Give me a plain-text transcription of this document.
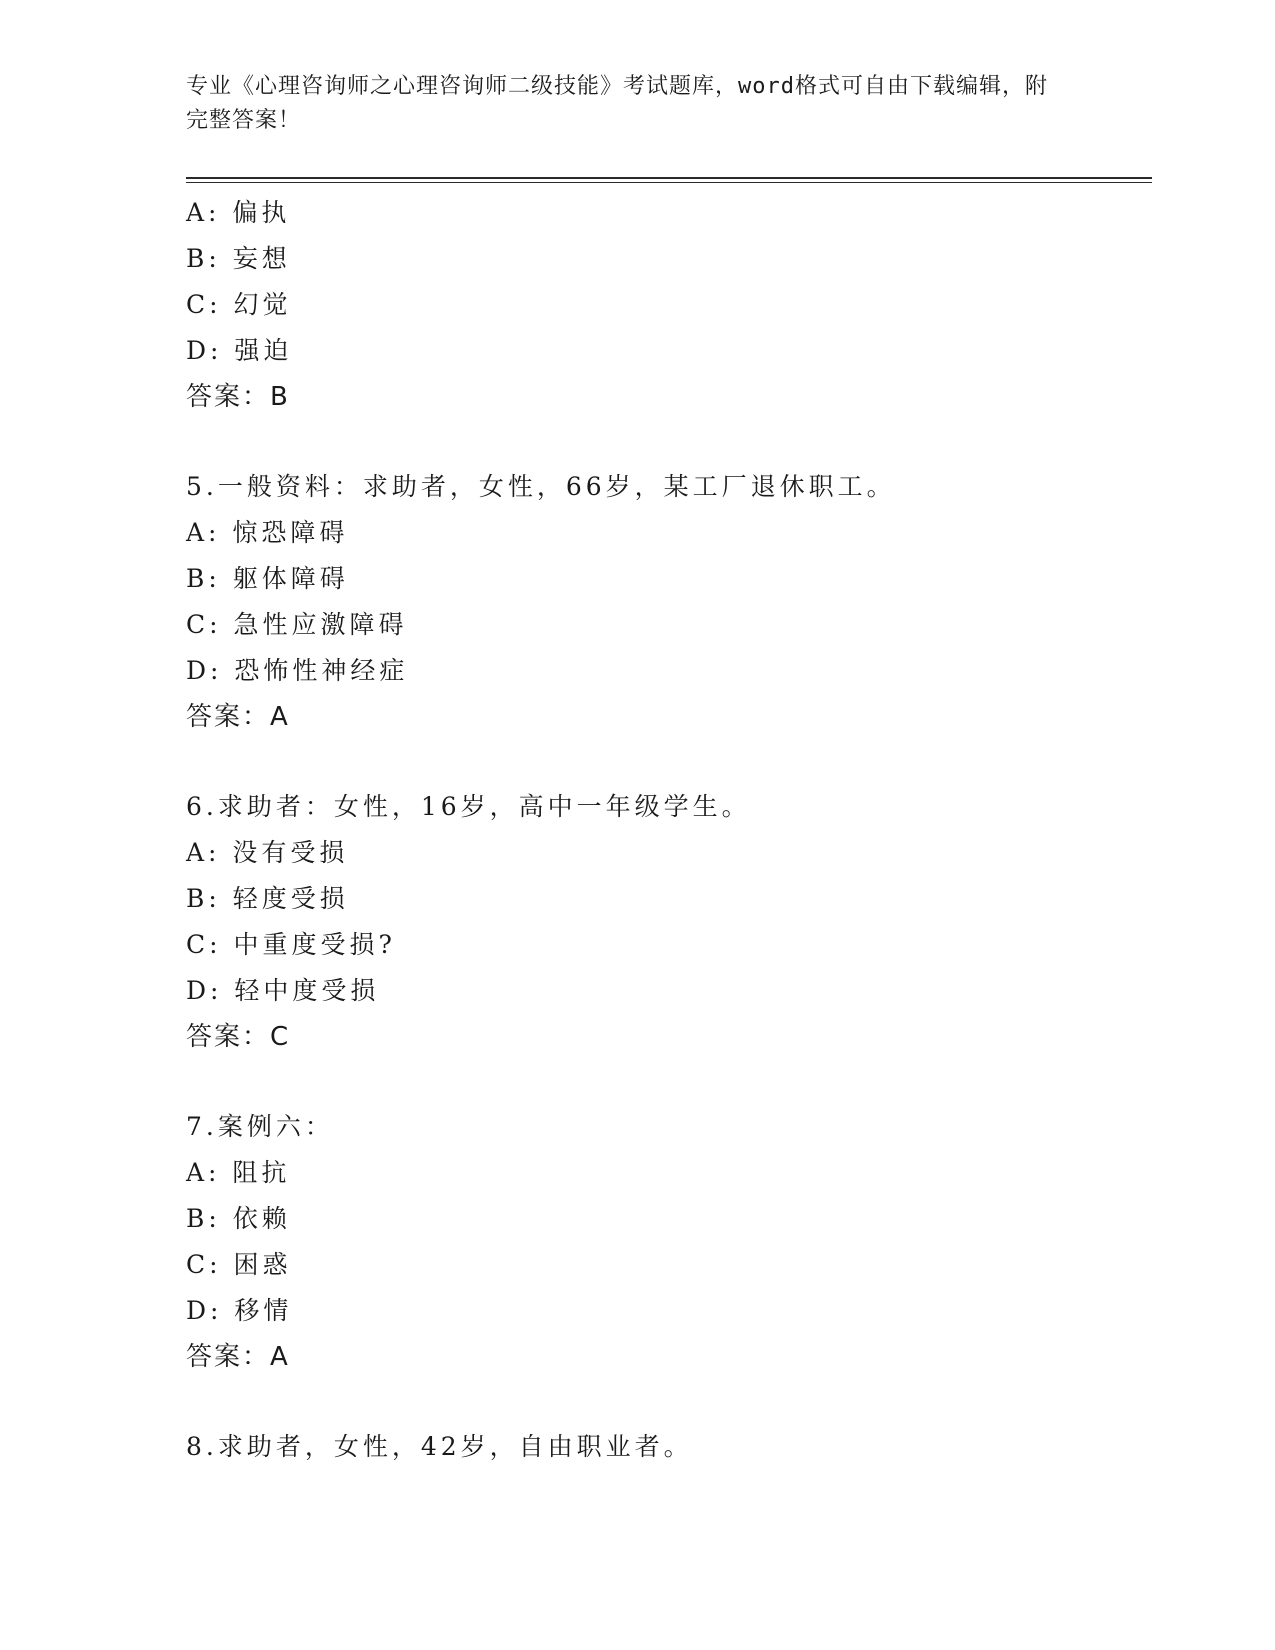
专业《心理咨询师之心理咨询师二级技能》考试题库，word格式可自由下载编辑，附完整答案！
A: 偏执
B: 妄想
C: 幻觉
D: 强迫
答案：B
5.一般资料：求助者，女性，66岁，某工厂退休职工。
A: 惊恐障碍
B: 躯体障碍
C: 急性应激障碍
D: 恐怖性神经症
答案：A
6.求助者：女性，16岁，高中一年级学生。
A: 没有受损
B: 轻度受损
C: 中重度受损?
D: 轻中度受损
答案：C
7.案例六：
A: 阻抗
B: 依赖
C: 困惑
D: 移情
答案：A
8.求助者，女性，42岁，自由职业者。
